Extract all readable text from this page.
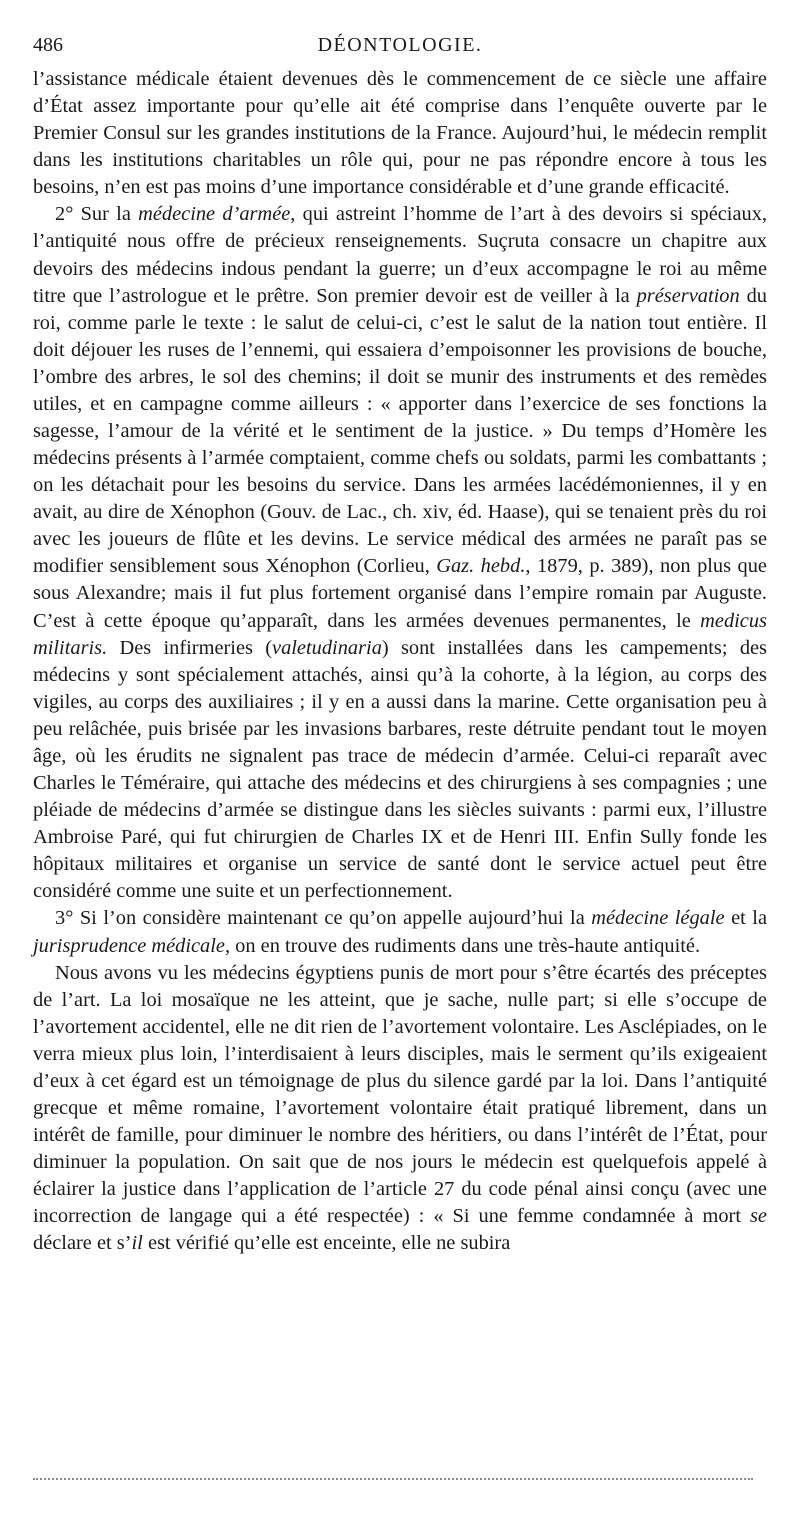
486	DÉONTOLOGIE.

l’assistance médicale étaient devenues dès le commencement de ce siècle une affaire d’État assez importante pour qu’elle ait été comprise dans l’enquête ouverte par le Premier Consul sur les grandes institutions de la France. Aujourd’hui, le médecin remplit dans les institutions charitables un rôle qui, pour ne pas répondre encore à tous les besoins, n’en est pas moins d’une importance considérable et d’une grande efficacité.

2° Sur la médecine d’armée, qui astreint l’homme de l’art à des devoirs si spéciaux, l’antiquité nous offre de précieux renseignements. Suçruta consacre un chapitre aux devoirs des médecins indous pendant la guerre; un d’eux accompagne le roi au même titre que l’astrologue et le prêtre. Son premier devoir est de veiller à la préservation du roi, comme parle le texte : le salut de celui-ci, c’est le salut de la nation tout entière. Il doit déjouer les ruses de l’ennemi, qui essaiera d’empoisonner les provisions de bouche, l’ombre des arbres, le sol des chemins; il doit se munir des instruments et des remèdes utiles, et en campagne comme ailleurs : « apporter dans l’exercice de ses fonctions la sagesse, l’amour de la vérité et le sentiment de la justice. » Du temps d’Homère les médecins présents à l’armée comptaient, comme chefs ou soldats, parmi les combattants ; on les détachait pour les besoins du service. Dans les armées lacédémoniennes, il y en avait, au dire de Xénophon (Gouv. de Lac., ch. xiv, éd. Haase), qui se tenaient près du roi avec les joueurs de flûte et les devins. Le service médical des armées ne paraît pas se modifier sensiblement sous Xénophon (Corlieu, Gaz. hebd., 1879, p. 389), non plus que sous Alexandre; mais il fut plus fortement organisé dans l’empire romain par Auguste. C’est à cette époque qu’apparaît, dans les armées devenues permanentes, le medicus militaris. Des infirmeries (valetudinaria) sont installées dans les campements; des médecins y sont spécialement attachés, ainsi qu’à la cohorte, à la légion, au corps des vigiles, au corps des auxiliaires ; il y en a aussi dans la marine. Cette organisation peu à peu relâchée, puis brisée par les invasions barbares, reste détruite pendant tout le moyen âge, où les érudits ne signalent pas trace de médecin d’armée. Celui-ci reparaît avec Charles le Téméraire, qui attache des médecins et des chirurgiens à ses compagnies ; une pléiade de médecins d’armée se distingue dans les siècles suivants : parmi eux, l’illustre Ambroise Paré, qui fut chirurgien de Charles IX et de Henri III. Enfin Sully fonde les hôpitaux militaires et organise un service de santé dont le service actuel peut être considéré comme une suite et un perfectionnement.

3° Si l’on considère maintenant ce qu’on appelle aujourd’hui la médecine légale et la jurisprudence médicale, on en trouve des rudiments dans une très-haute antiquité.

Nous avons vu les médecins égyptiens punis de mort pour s’être écartés des préceptes de l’art. La loi mosaïque ne les atteint, que je sache, nulle part; si elle s’occupe de l’avortement accidentel, elle ne dit rien de l’avortement volontaire. Les Asclépiades, on le verra mieux plus loin, l’interdisaient à leurs disciples, mais le serment qu’ils exigeaient d’eux à cet égard est un témoignage de plus du silence gardé par la loi. Dans l’antiquité grecque et même romaine, l’avortement volontaire était pratiqué librement, dans un intérêt de famille, pour diminuer le nombre des héritiers, ou dans l’intérêt de l’État, pour diminuer la population. On sait que de nos jours le médecin est quelquefois appelé à éclairer la justice dans l’application de l’article 27 du code pénal ainsi conçu (avec une incorrection de langage qui a été respectée) : « Si une femme condamnée à mort se déclare et s’il est vérifié qu’elle est enceinte, elle ne subira
